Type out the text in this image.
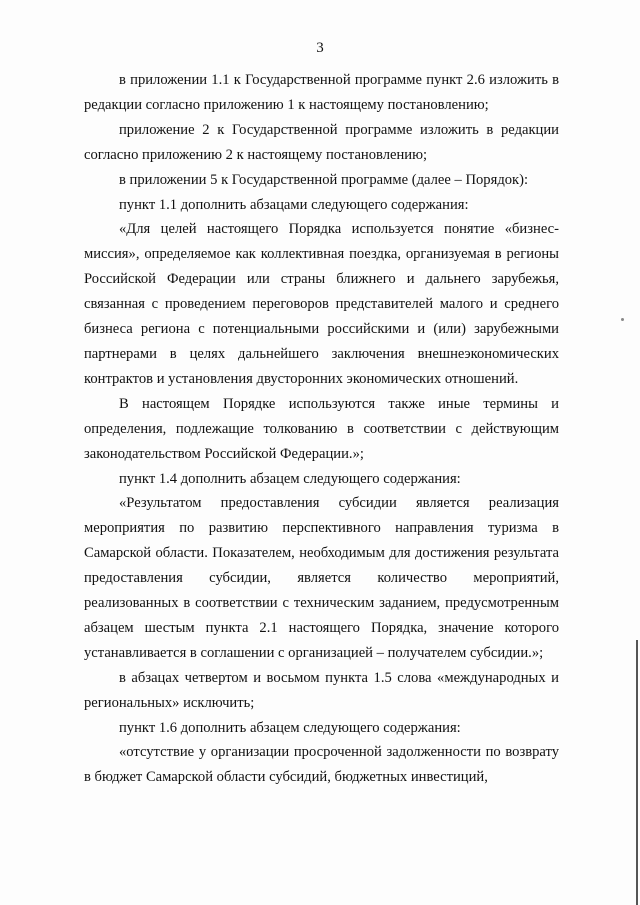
3

в приложении 1.1 к Государственной программе пункт 2.6 изложить в редакции согласно приложению 1 к настоящему постановлению;

приложение 2 к Государственной программе изложить в редакции согласно приложению 2 к настоящему постановлению;

в приложении 5 к Государственной программе (далее – Порядок):

пункт 1.1 дополнить абзацами следующего содержания:

«Для целей настоящего Порядка используется понятие «бизнес-миссия», определяемое как коллективная поездка, организуемая в регионы Российской Федерации или страны ближнего и дальнего зарубежья, связанная с проведением переговоров представителей малого и среднего бизнеса региона с потенциальными российскими и (или) зарубежными партнерами в целях дальнейшего заключения внешнеэкономических контрактов и установления двусторонних экономических отношений.

В настоящем Порядке используются также иные термины и определения, подлежащие толкованию в соответствии с действующим законодательством Российской Федерации.»;

пункт 1.4 дополнить абзацем следующего содержания:

«Результатом предоставления субсидии является реализация мероприятия по развитию перспективного направления туризма в Самарской области. Показателем, необходимым для достижения результата предоставления субсидии, является количество мероприятий, реализованных в соответствии с техническим заданием, предусмотренным абзацем шестым пункта 2.1 настоящего Порядка, значение которого устанавливается в соглашении с организацией – получателем субсидии.»;

в абзацах четвертом и восьмом пункта 1.5 слова «международных и региональных» исключить;

пункт 1.6 дополнить абзацем следующего содержания:

«отсутствие у организации просроченной задолженности по возврату в бюджет Самарской области субсидий, бюджетных инвестиций,
